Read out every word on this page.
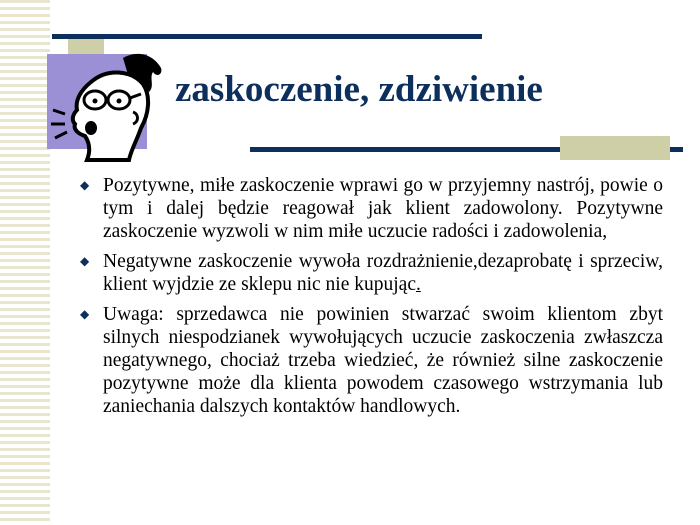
zaskoczenie, zdziwienie
◆ Pozytywne, miłe zaskoczenie wprawi go w przyjemny nastrój, powie o tym i dalej będzie reagował jak klient zadowolony. Pozytywne zaskoczenie wyzwoli w nim miłe uczucie radości i zadowolenia,
◆ Negatywne zaskoczenie wywoła rozdrażnienie,dezaprobatę i sprzeciw, klient wyjdzie ze sklepu nic nie kupując.
◆ Uwaga: sprzedawca nie powinien stwarzać swoim klientom zbyt silnych niespodzianek wywołujących uczucie zaskoczenia zwłaszcza negatywnego, chociaż trzeba wiedzieć, że również silne zaskoczenie pozytywne może dla klienta powodem czasowego wstrzymania lub zaniechania dalszych kontaktów handlowych.
